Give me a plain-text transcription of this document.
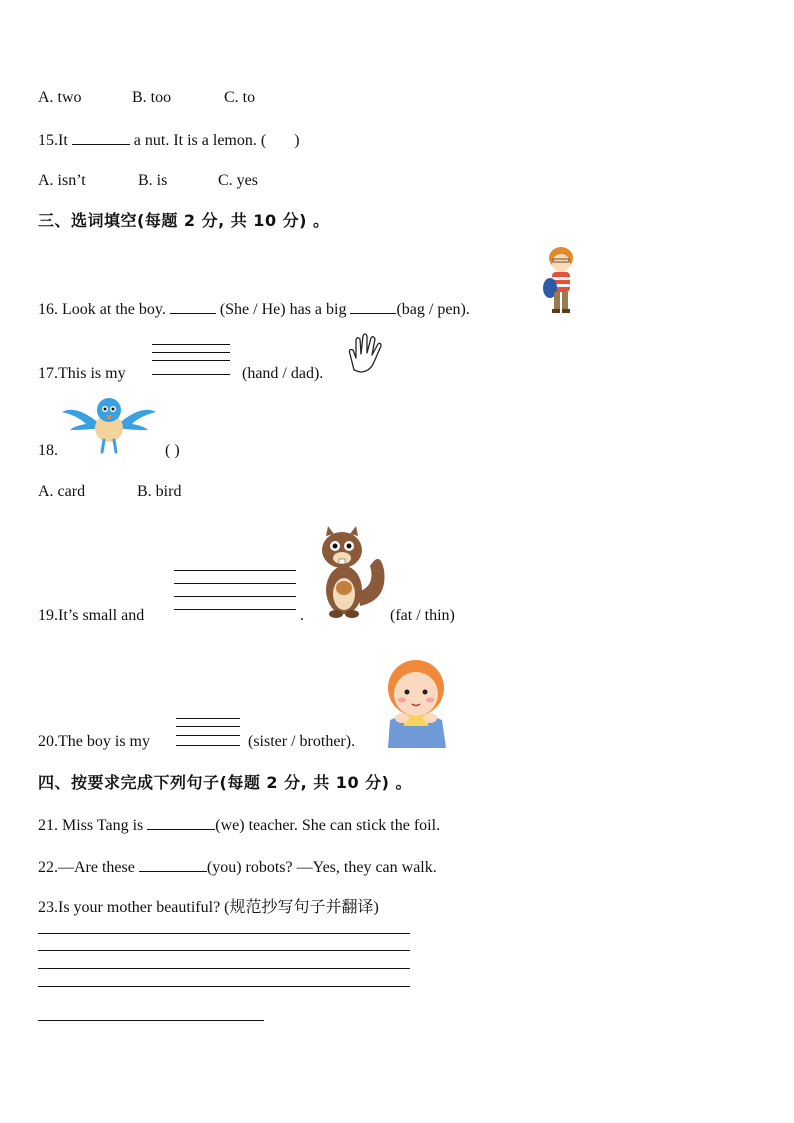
A. two	B. too	C. to
15.It	a nut. It is a lemon. ( )
A. isn’t	B. is	C. yes
三、选词填空(每题 2 分, 共 10 分) 。
16. Look at the boy.	(She / He) has a big	(bag / pen).
17.This is my	(hand / dad).
18.	( )
A. card	B. bird
19.It’s small and	.	(fat / thin)
20.The boy is my	(sister / brother).
四、按要求完成下列句子(每题 2 分, 共 10 分) 。
21. Miss Tang is	(we) teacher. She can stick the foil.
22.—Are these	(you) robots? —Yes, they can walk.
23.Is your mother beautiful? (规范抄写句子并翻译)
